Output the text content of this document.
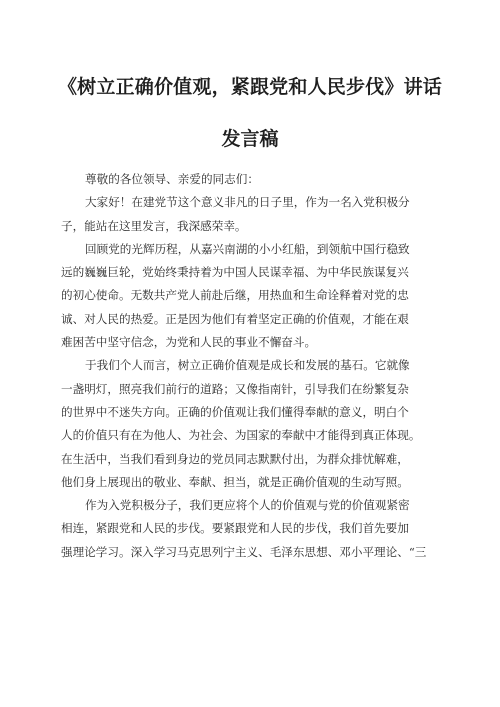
《树立正确价值观，紧跟党和人民步伐》讲话
发言稿
尊敬的各位领导、亲爱的同志们：
大家好！在建党节这个意义非凡的日子里，作为一名入党积极分
子，能站在这里发言，我深感荣幸。
回顾党的光辉历程，从嘉兴南湖的小小红船，到领航中国行稳致
远的巍巍巨轮，党始终秉持着为中国人民谋幸福、为中华民族谋复兴
的初心使命。无数共产党人前赴后继，用热血和生命诠释着对党的忠
诚、对人民的热爱。正是因为他们有着坚定正确的价值观，才能在艰
难困苦中坚守信念，为党和人民的事业不懈奋斗。
于我们个人而言，树立正确价值观是成长和发展的基石。它就像
一盏明灯，照亮我们前行的道路；又像指南针，引导我们在纷繁复杂
的世界中不迷失方向。正确的价值观让我们懂得奉献的意义，明白个
人的价值只有在为他人、为社会、为国家的奉献中才能得到真正体现。
在生活中，当我们看到身边的党员同志默默付出，为群众排忧解难，
他们身上展现出的敬业、奉献、担当，就是正确价值观的生动写照。
作为入党积极分子，我们更应将个人的价值观与党的价值观紧密
相连，紧跟党和人民的步伐。要紧跟党和人民的步伐，我们首先要加
强理论学习。深入学习马克思列宁主义、毛泽东思想、邓小平理论、“三
